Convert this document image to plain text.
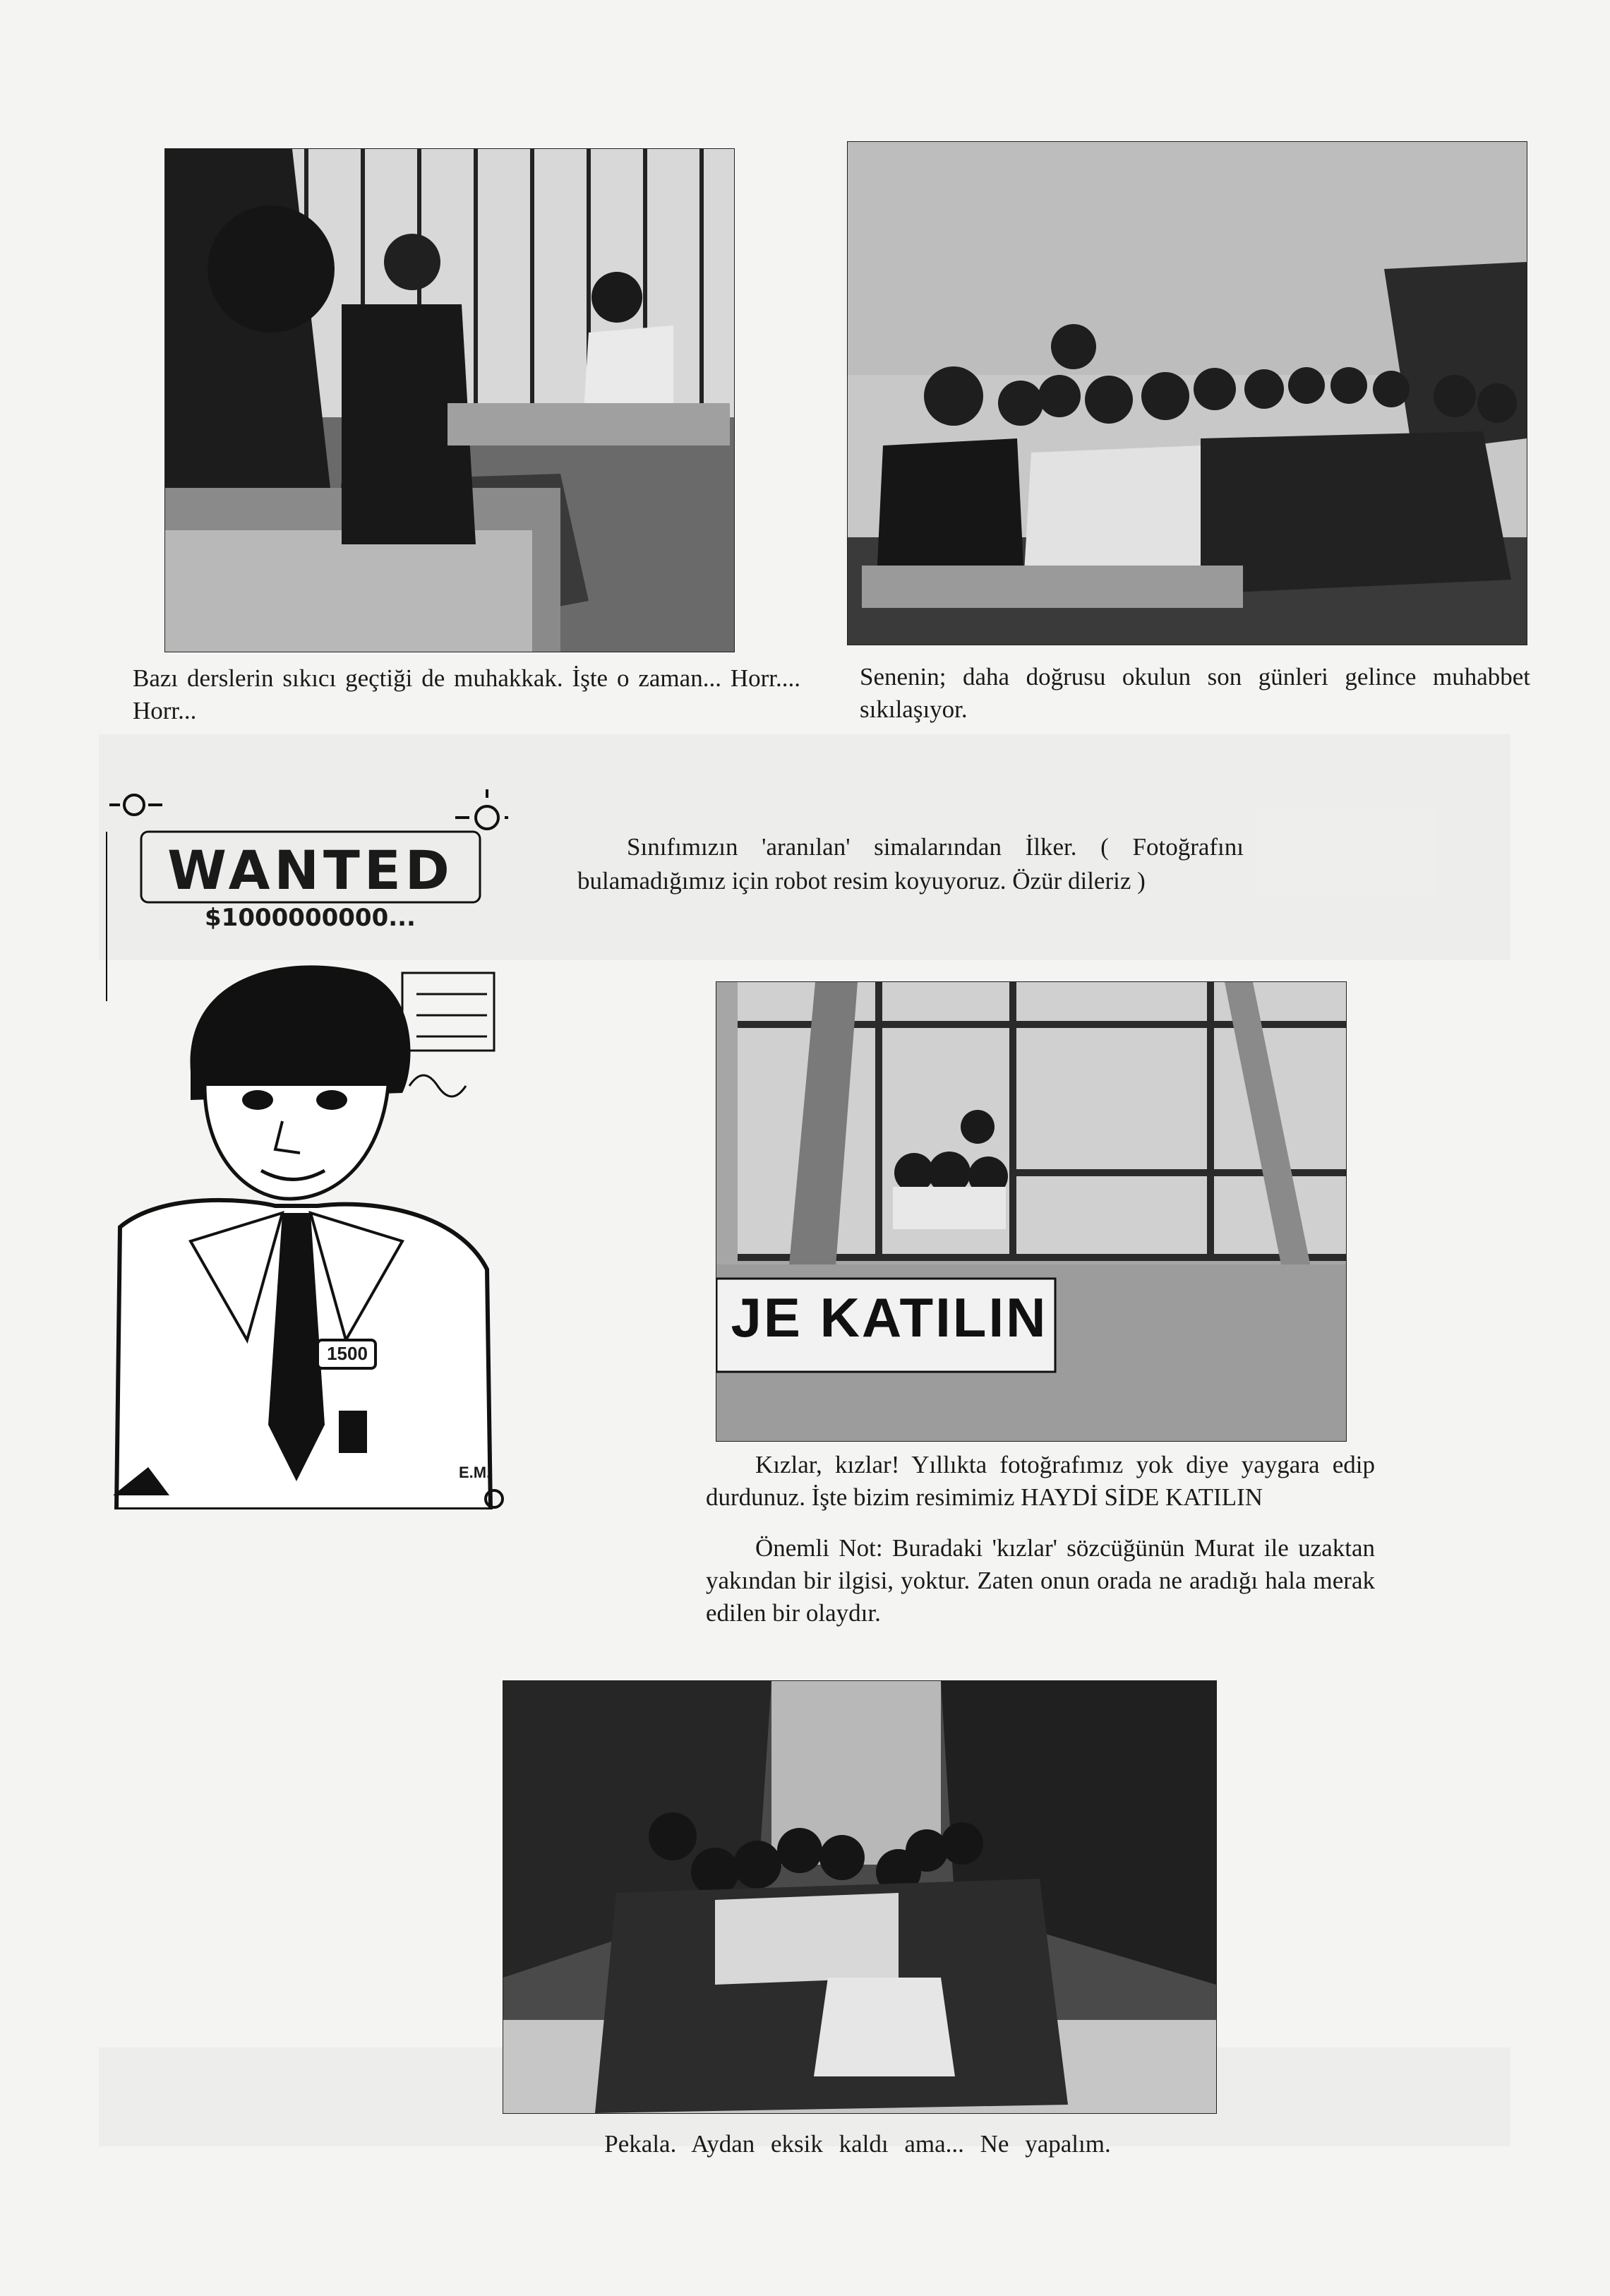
Bazı derslerin sıkıcı geçtiği de muhakkak. İşte o zaman... Horr.... Horr...

Senenin; daha doğrusu okulun son günleri gelince muhabbet sıkılaşıyor.

WANTED
$1000000000...
1500
E.M.

Sınıfımızın 'aranılan' simalarından İlker. ( Fotoğrafını bulamadığımız için robot resim koyuyoruz. Özür dileriz )

JE KATILIN

Kızlar, kızlar! Yıllıkta fotoğrafımız yok diye yaygara edip durdunuz. İşte bizim resimimiz HAYDİ SİDE KATILIN

Önemli Not: Buradaki 'kızlar' sözcüğünün Murat ile uzaktan yakından bir ilgisi, yoktur. Zaten onun orada ne aradığı hala merak edilen bir olaydır.

Pekala. Aydan eksik kaldı ama... Ne yapalım.
